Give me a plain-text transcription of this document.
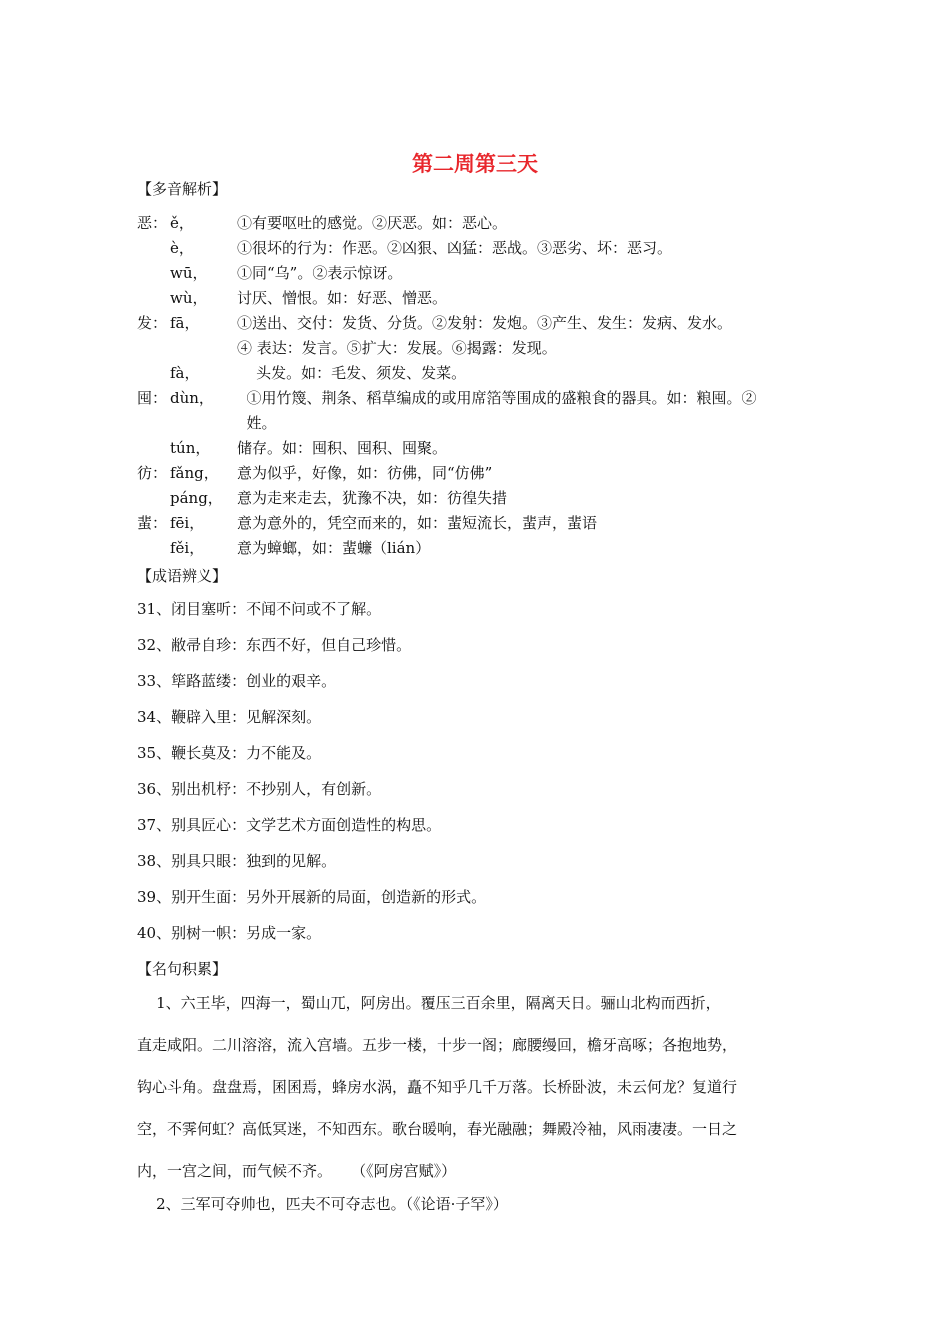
第二周第三天
【多音解析】
恶： ě，	①有要呕吐的感觉。②厌恶。如：恶心。
è，	①很坏的行为：作恶。②凶狠、凶猛：恶战。③恶劣、坏：恶习。
wū， ①同“乌”。②表示惊讶。
wù， 讨厌、憎恨。如：好恶、憎恶。
发： fā，	①送出、交付：发货、分货。②发射：发炮。③产生、发生：发病、发水。
④ 表达：发言。⑤扩大：发展。⑥揭露：发现。
fà，	头发。如：毛发、须发、发菜。
囤： dùn， ①用竹篾、荆条、稻草编成的或用席箔等围成的盛粮食的器具。如：粮囤。②
姓。
tún， 储存。如：囤积、囤积、囤聚。
彷： fǎng， 意为似乎，好像，如：彷佛，同“仿佛”
páng， 意为走来走去，犹豫不决，如：彷徨失措
蜚： fēi， 意为意外的，凭空而来的，如：蜚短流长，蜚声，蜚语
fěi， 意为蟑螂，如：蜚蠊（lián）
【成语辨义】
31、闭目塞听：不闻不问或不了解。
32、敝帚自珍：东西不好，但自己珍惜。
33、筚路蓝缕：创业的艰辛。
34、鞭辟入里：见解深刻。
35、鞭长莫及：力不能及。
36、别出机杼：不抄别人，有创新。
37、别具匠心：文学艺术方面创造性的构思。
38、别具只眼：独到的见解。
39、别开生面：另外开展新的局面，创造新的形式。
40、别树一帜：另成一家。
【名句积累】
1、六王毕，四海一，蜀山兀，阿房出。覆压三百余里，隔离天日。骊山北构而西折，
直走咸阳。二川溶溶，流入宫墙。五步一楼，十步一阁；廊腰缦回，檐牙高啄；各抱地势，
钩心斗角。盘盘焉，囷囷焉，蜂房水涡，矗不知乎几千万落。长桥卧波，未云何龙？复道行
空，不霁何虹？高低冥迷，不知西东。歌台暖响，春光融融；舞殿冷袖，风雨凄凄。一日之
内，一宫之间，而气候不齐。    （《阿房宫赋》）
2、三军可夺帅也，匹夫不可夺志也。（《论语·子罕》）
